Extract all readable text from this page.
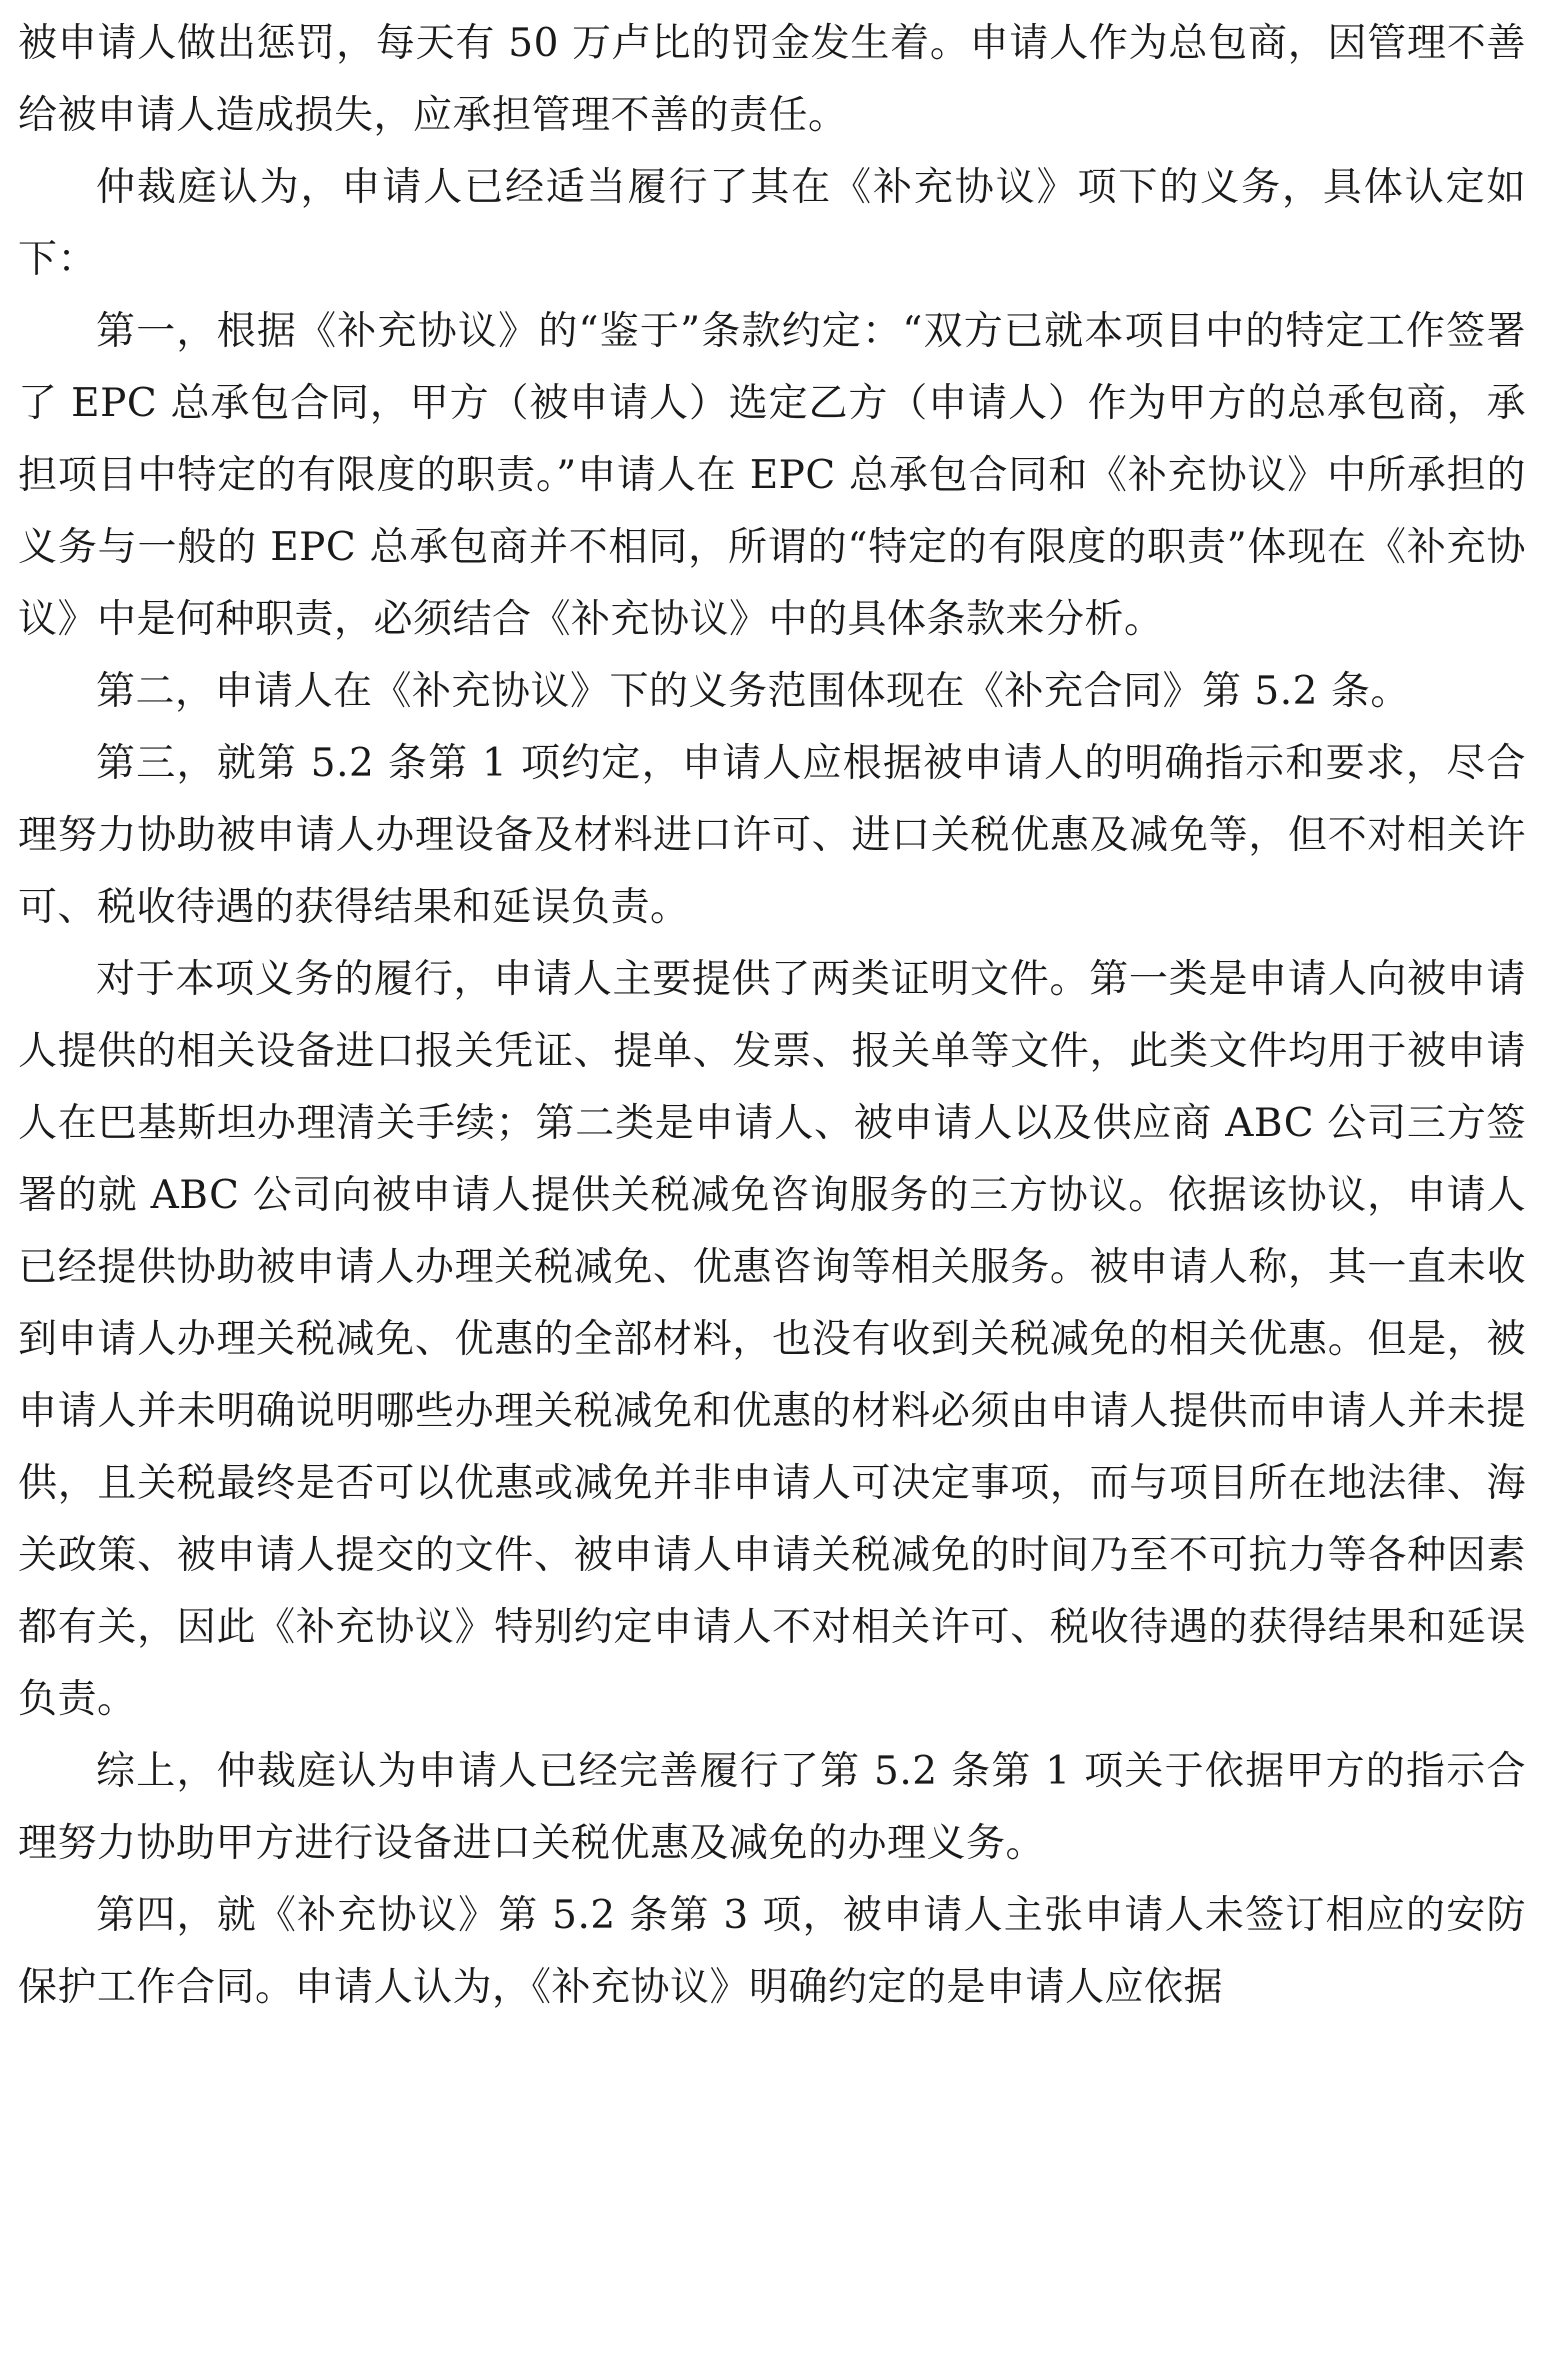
被申请人做出惩罚，每天有 50 万卢比的罚金发生着。申请人作为总包商，因管理不善给被申请人造成损失，应承担管理不善的责任。

仲裁庭认为，申请人已经适当履行了其在《补充协议》项下的义务，具体认定如下：

第一，根据《补充协议》的“鉴于”条款约定：“双方已就本项目中的特定工作签署了 EPC 总承包合同，甲方（被申请人）选定乙方（申请人）作为甲方的总承包商，承担项目中特定的有限度的职责。”申请人在 EPC 总承包合同和《补充协议》中所承担的义务与一般的 EPC 总承包商并不相同，所谓的“特定的有限度的职责”体现在《补充协议》中是何种职责，必须结合《补充协议》中的具体条款来分析。

第二，申请人在《补充协议》下的义务范围体现在《补充合同》第 5.2 条。

第三，就第 5.2 条第 1 项约定，申请人应根据被申请人的明确指示和要求，尽合理努力协助被申请人办理设备及材料进口许可、进口关税优惠及减免等，但不对相关许可、税收待遇的获得结果和延误负责。

对于本项义务的履行，申请人主要提供了两类证明文件。第一类是申请人向被申请人提供的相关设备进口报关凭证、提单、发票、报关单等文件，此类文件均用于被申请人在巴基斯坦办理清关手续；第二类是申请人、被申请人以及供应商 ABC 公司三方签署的就 ABC 公司向被申请人提供关税减免咨询服务的三方协议。依据该协议，申请人已经提供协助被申请人办理关税减免、优惠咨询等相关服务。被申请人称，其一直未收到申请人办理关税减免、优惠的全部材料，也没有收到关税减免的相关优惠。但是，被申请人并未明确说明哪些办理关税减免和优惠的材料必须由申请人提供而申请人并未提供，且关税最终是否可以优惠或减免并非申请人可决定事项，而与项目所在地法律、海关政策、被申请人提交的文件、被申请人申请关税减免的时间乃至不可抗力等各种因素都有关，因此《补充协议》特别约定申请人不对相关许可、税收待遇的获得结果和延误负责。

综上，仲裁庭认为申请人已经完善履行了第 5.2 条第 1 项关于依据甲方的指示合理努力协助甲方进行设备进口关税优惠及减免的办理义务。

第四，就《补充协议》第 5.2 条第 3 项，被申请人主张申请人未签订相应的安防保护工作合同。申请人认为，《补充协议》明确约定的是申请人应依据
